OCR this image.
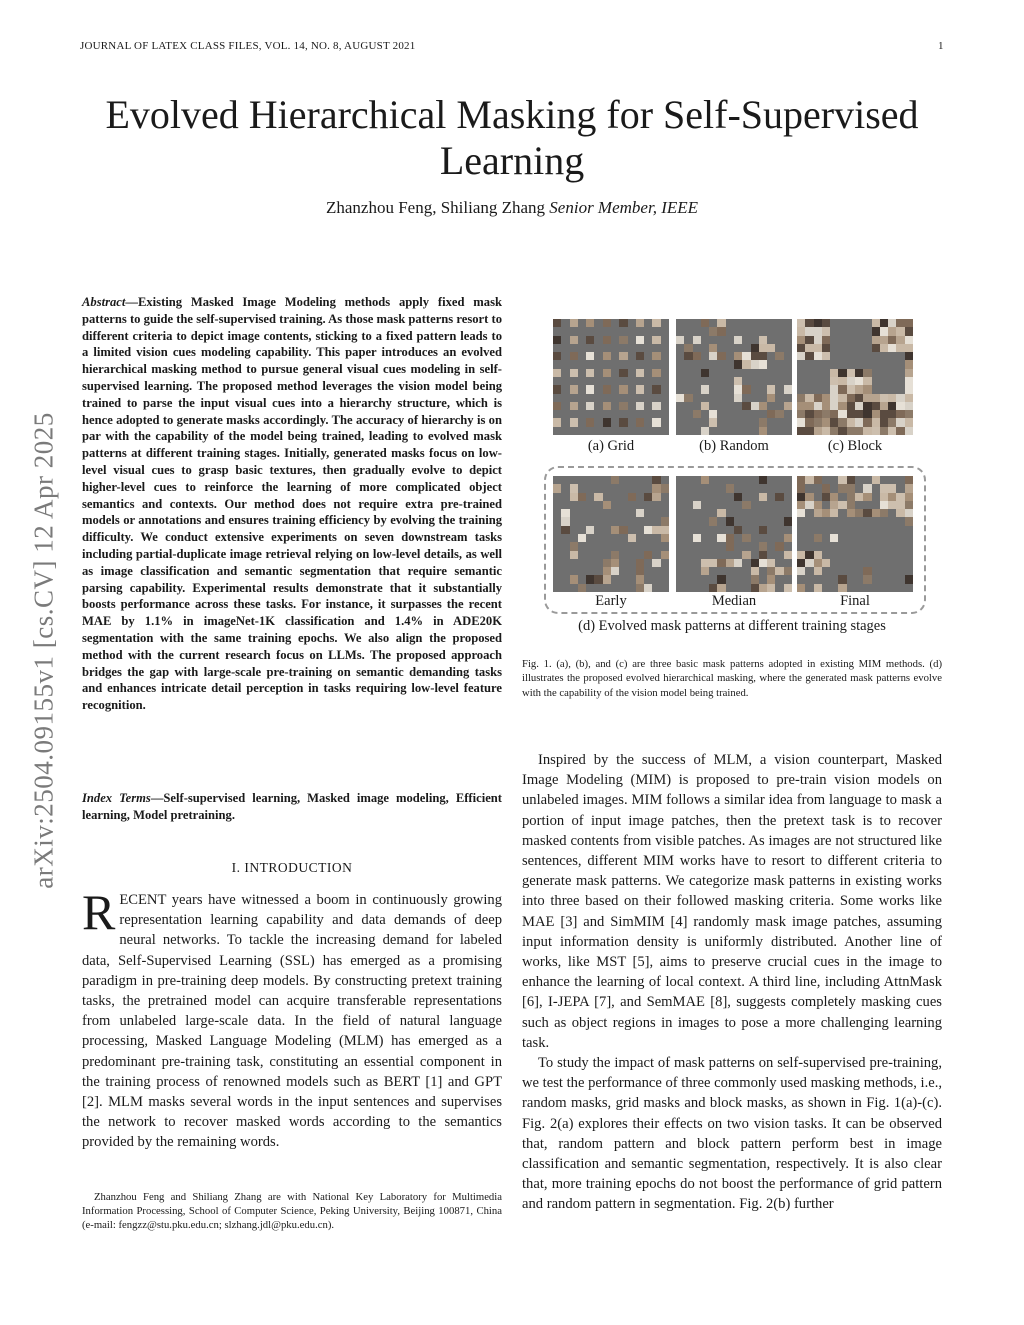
JOURNAL OF LATEX CLASS FILES, VOL. 14, NO. 8, AUGUST 2021	1
Evolved Hierarchical Masking for Self-Supervised Learning
Zhanzhou Feng, Shiliang Zhang Senior Member, IEEE
arXiv:2504.09155v1 [cs.CV] 12 Apr 2025
Abstract—Existing Masked Image Modeling methods apply fixed mask patterns to guide the self-supervised training. As those mask patterns resort to different criteria to depict image contents, sticking to a fixed pattern leads to a limited vision cues modeling capability. This paper introduces an evolved hierarchical masking method to pursue general visual cues modeling in self-supervised learning. The proposed method leverages the vision model being trained to parse the input visual cues into a hierarchy structure, which is hence adopted to generate masks accordingly. The accuracy of hierarchy is on par with the capability of the model being trained, leading to evolved mask patterns at different training stages. Initially, generated masks focus on low-level visual cues to grasp basic textures, then gradually evolve to depict higher-level cues to reinforce the learning of more complicated object semantics and contexts. Our method does not require extra pre-trained models or annotations and ensures training efficiency by evolving the training difficulty. We conduct extensive experiments on seven downstream tasks including partial-duplicate image retrieval relying on low-level details, as well as image classification and semantic segmentation that require semantic parsing capability. Experimental results demonstrate that it substantially boosts performance across these tasks. For instance, it surpasses the recent MAE by 1.1% in imageNet-1K classification and 1.4% in ADE20K segmentation with the same training epochs. We also align the proposed method with the current research focus on LLMs. The proposed approach bridges the gap with large-scale pre-training on semantic demanding tasks and enhances intricate detail perception in tasks requiring low-level feature recognition.
Index Terms—Self-supervised learning, Masked image modeling, Efficient learning, Model pretraining.
I. INTRODUCTION
RECENT years have witnessed a boom in continuously growing representation learning capability and data demands of deep neural networks. To tackle the increasing demand for labeled data, Self-Supervised Learning (SSL) has emerged as a promising paradigm in pre-training deep models. By constructing pretext training tasks, the pretrained model can acquire transferable representations from unlabeled large-scale data. In the field of natural language processing, Masked Language Modeling (MLM) has emerged as a predominant pre-training task, constituting an essential component in the training process of renowned models such as BERT [1] and GPT [2]. MLM masks several words in the input sentences and supervises the network to recover masked words according to the semantics provided by the remaining words.
Zhanzhou Feng and Shiliang Zhang are with National Key Laboratory for Multimedia Information Processing, School of Computer Science, Peking University, Beijing 100871, China (e-mail: fengzz@stu.pku.edu.cn; slzhang.jdl@pku.edu.cn).
(a) Grid	(b) Random	(c) Block
Early	Median	Final
(d) Evolved mask patterns at different training stages
Fig. 1. (a), (b), and (c) are three basic mask patterns adopted in existing MIM methods. (d) illustrates the proposed evolved hierarchical masking, where the generated mask patterns evolve with the capability of the vision model being trained.

Inspired by the success of MLM, a vision counterpart, Masked Image Modeling (MIM) is proposed to pre-train vision models on unlabeled images. MIM follows a similar idea from language to mask a portion of input image patches, then the pretext task is to recover masked contents from visible patches. As images are not structured like sentences, different MIM works have to resort to different criteria to generate mask patterns. We categorize mask patterns in existing works into three based on their followed masking criteria. Some works like MAE [3] and SimMIM [4] randomly mask image patches, assuming input information density is uniformly distributed. Another line of works, like MST [5], aims to preserve crucial cues in the image to enhance the learning of local context. A third line, including AttnMask [6], I-JEPA [7], and SemMAE [8], suggests completely masking cues such as object regions in images to pose a more challenging learning task.

To study the impact of mask patterns on self-supervised pre-training, we test the performance of three commonly used masking methods, i.e., random masks, grid masks and block masks, as shown in Fig. 1(a)-(c). Fig. 2(a) explores their effects on two vision tasks. It can be observed that, random pattern and block pattern perform best in image classification and semantic segmentation, respectively. It is also clear that, more training epochs do not boost the performance of grid pattern and random pattern in segmentation. Fig. 2(b) further
